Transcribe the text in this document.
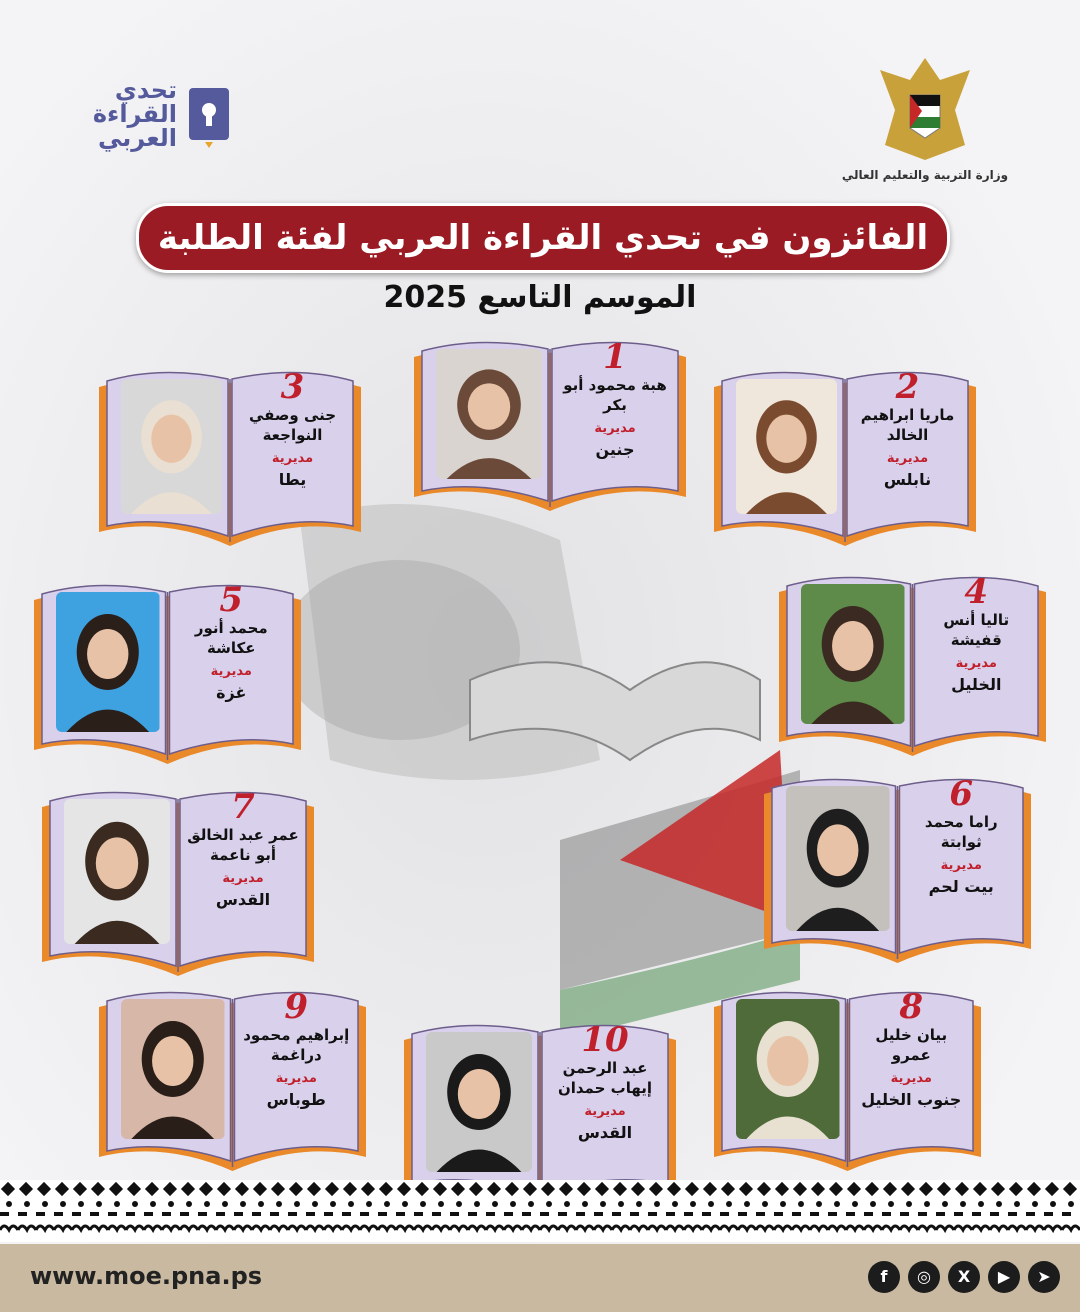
تحدي القراءة العربي
وزارة التربية والتعليم العالي
الفائزون في تحدي القراءة العربي لفئة الطلبة
الموسم التاسع 2025
1
هبة محمود أبو بكر
مديرية
جنين
2
ماريا ابراهيم الخالد
مديرية
نابلس
3
جنى وصفي النواجعة
مديرية
يطا
4
تاليا أنس قفيشة
مديرية
الخليل
5
محمد أنور عكاشة
مديرية
غزة
6
راما محمد ثوابتة
مديرية
بيت لحم
7
عمر عبد الخالق أبو ناعمة
مديرية
القدس
8
بيان خليل عمرو
مديرية
جنوب الخليل
9
إبراهيم محمود دراغمة
مديرية
طوباس
10
عبد الرحمن إيهاب حمدان
مديرية
القدس
www.moe.pna.ps	f	◎	X	▶	➤
